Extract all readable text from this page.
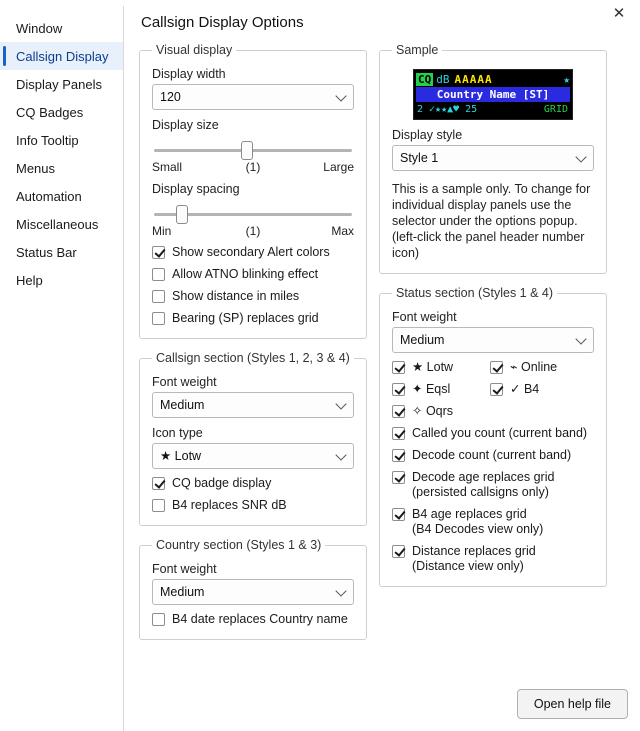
✕
Window
Callsign Display
Display Panels
CQ Badges
Info Tooltip
Menus
Automation
Miscellaneous
Status Bar
Help
Callsign Display Options
Visual display
Display width
120
Display size
Small	(1)	Large
Display spacing
Min	(1)	Max
Show secondary Alert colors
Allow ATNO blinking effect
Show distance in miles
Bearing (SP) replaces grid
Callsign section (Styles 1, 2, 3 & 4)
Font weight
Medium
Icon type
★ Lotw
CQ badge display
B4 replaces SNR dB
Country section (Styles 1 & 3)
Font weight
Medium
B4 date replaces Country name
Sample
CQ dB AAAAA	★
Country Name [ST]
2 ✓★★▲♥ 25	GRID
Display style
Style 1
This is a sample only. To change for individual display panels use the selector under the options popup. (left-click the panel header number icon)
Status section (Styles 1 & 4)
Font weight
Medium
★ Lotw	⌁ Online
✦ Eqsl	✓ B4
✧ Oqrs
Called you count (current band)
Decode count (current band)
Decode age replaces grid
(persisted callsigns only)
B4 age replaces grid
(B4 Decodes view only)
Distance replaces grid
(Distance view only)
Open help file
